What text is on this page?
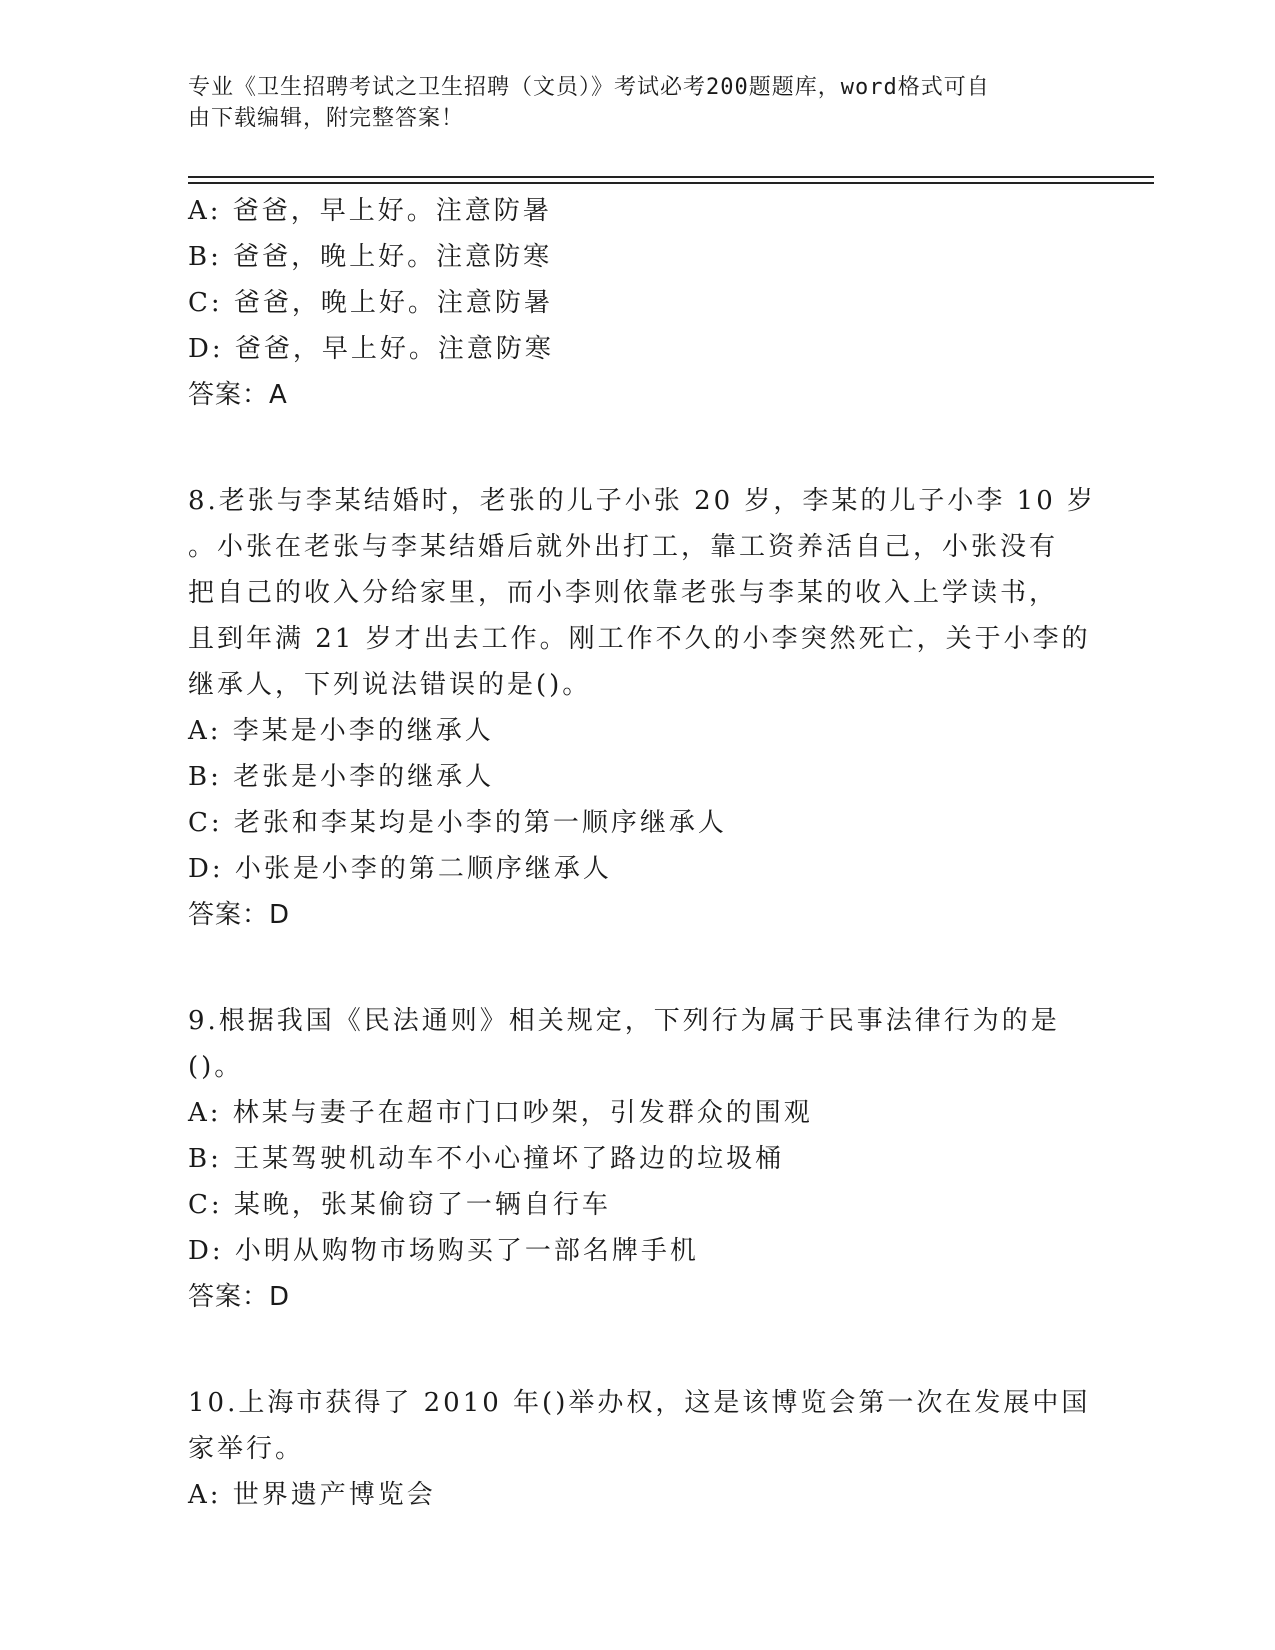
专业《卫生招聘考试之卫生招聘（文员）》考试必考200题题库，word格式可自
由下载编辑，附完整答案！
A: 爸爸，早上好。注意防暑
B: 爸爸，晚上好。注意防寒
C: 爸爸，晚上好。注意防暑
D: 爸爸，早上好。注意防寒
答案：A
8.老张与李某结婚时，老张的儿子小张 20 岁，李某的儿子小李 10 岁
。小张在老张与李某结婚后就外出打工，靠工资养活自己，小张没有
把自己的收入分给家里，而小李则依靠老张与李某的收入上学读书，
且到年满 21 岁才出去工作。刚工作不久的小李突然死亡，关于小李的
继承人，下列说法错误的是()。
A: 李某是小李的继承人
B: 老张是小李的继承人
C: 老张和李某均是小李的第一顺序继承人
D: 小张是小李的第二顺序继承人
答案：D
9.根据我国《民法通则》相关规定，下列行为属于民事法律行为的是
()。
A: 林某与妻子在超市门口吵架，引发群众的围观
B: 王某驾驶机动车不小心撞坏了路边的垃圾桶
C: 某晚，张某偷窃了一辆自行车
D: 小明从购物市场购买了一部名牌手机
答案：D
10.上海市获得了 2010 年()举办权，这是该博览会第一次在发展中国
家举行。
A: 世界遗产博览会
